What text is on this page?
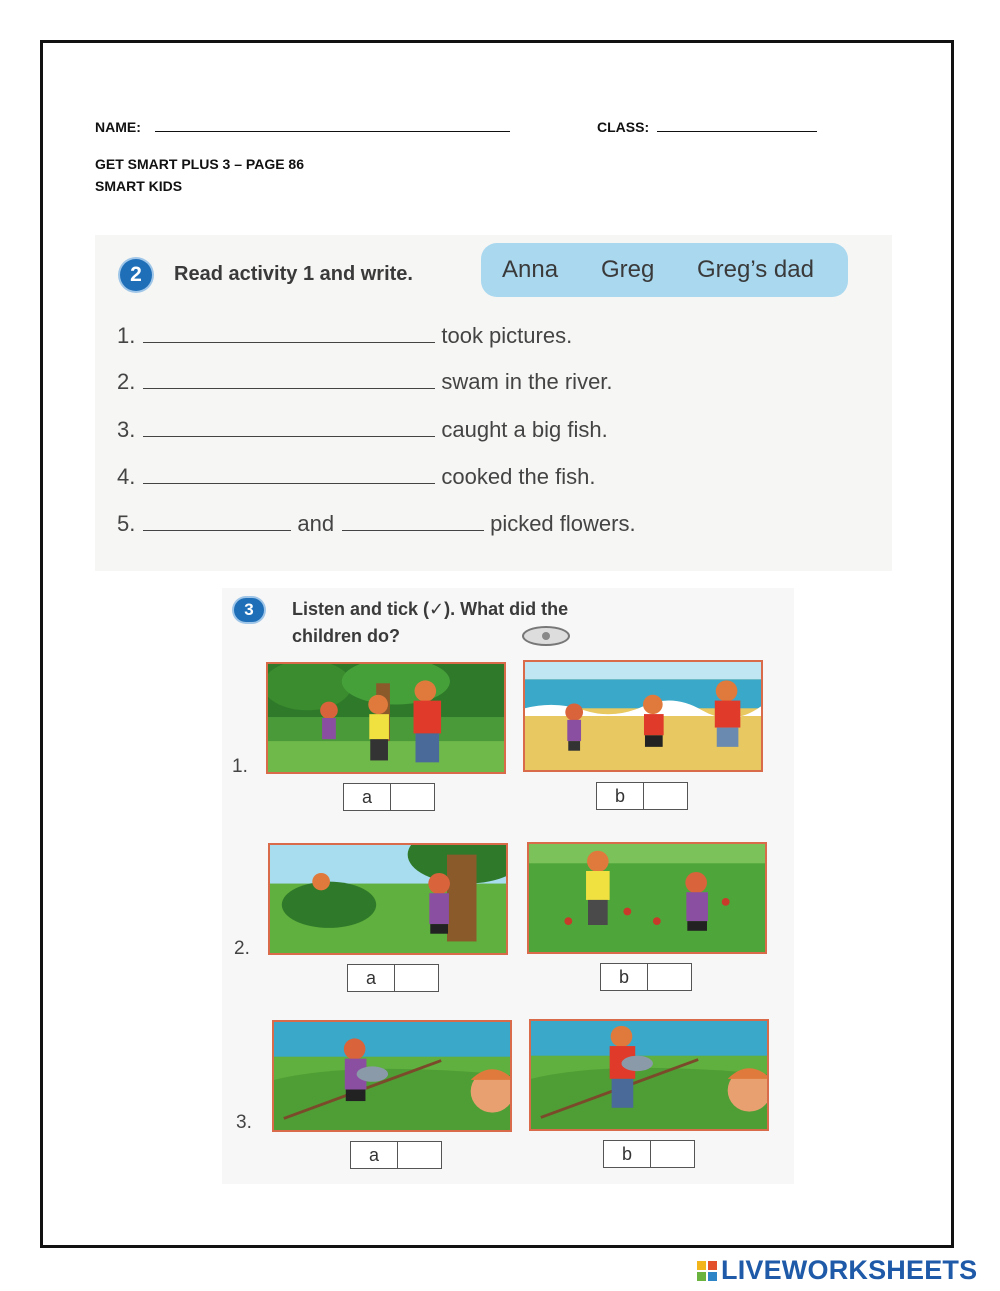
NAME:	CLASS:
GET SMART PLUS 3 – PAGE 86
SMART KIDS
2	Read activity 1 and write.	Anna Greg Greg’s dad
1.	took pictures.
2.	swam in the river.
3.	caught a big fish.
4.	cooked the fish.
5.	and	picked flowers.
3	Listen and tick (✓). What did the
children do?
1.
a	b
2.
a	b
3.
a	b
LIVEWORKSHEETS
